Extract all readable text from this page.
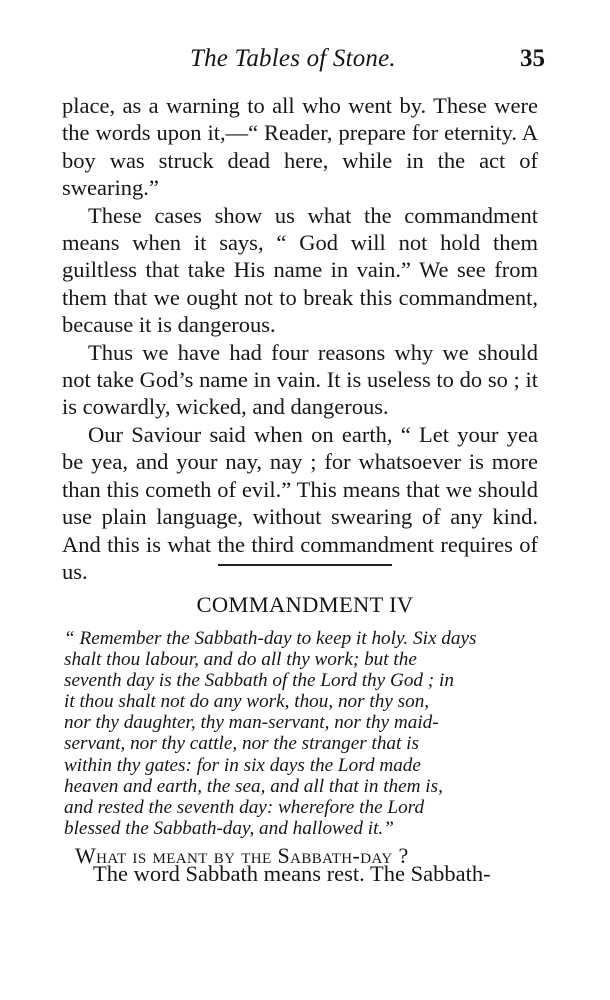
The Tables of Stone.	35

place, as a warning to all who went by. These were the words upon it,—“ Reader, prepare for eternity. A boy was struck dead here, while in the act of swearing.”

These cases show us what the commandment means when it says, “ God will not hold them guiltless that take His name in vain.” We see from them that we ought not to break this commandment, because it is dangerous.

Thus we have had four reasons why we should not take God’s name in vain. It is useless to do so ; it is cowardly, wicked, and dangerous.

Our Saviour said when on earth, “ Let your yea be yea, and your nay, nay ; for whatsoever is more than this cometh of evil.” This means that we should use plain language, without swearing of any kind. And this is what the third commandment requires of us.

COMMANDMENT IV
“ Remember the Sabbath-day to keep it holy. Six days
shalt thou labour, and do all thy work; but the
seventh day is the Sabbath of the Lord thy God ; in
it thou shalt not do any work, thou, nor thy son,
nor thy daughter, thy man-servant, nor thy maid-
servant, nor thy cattle, nor the stranger that is
within thy gates: for in six days the Lord made
heaven and earth, the sea, and all that in them is,
and rested the seventh day: wherefore the Lord
blessed the Sabbath-day, and hallowed it.”
What is meant by the Sabbath-day ?
The word Sabbath means rest. The Sabbath-
